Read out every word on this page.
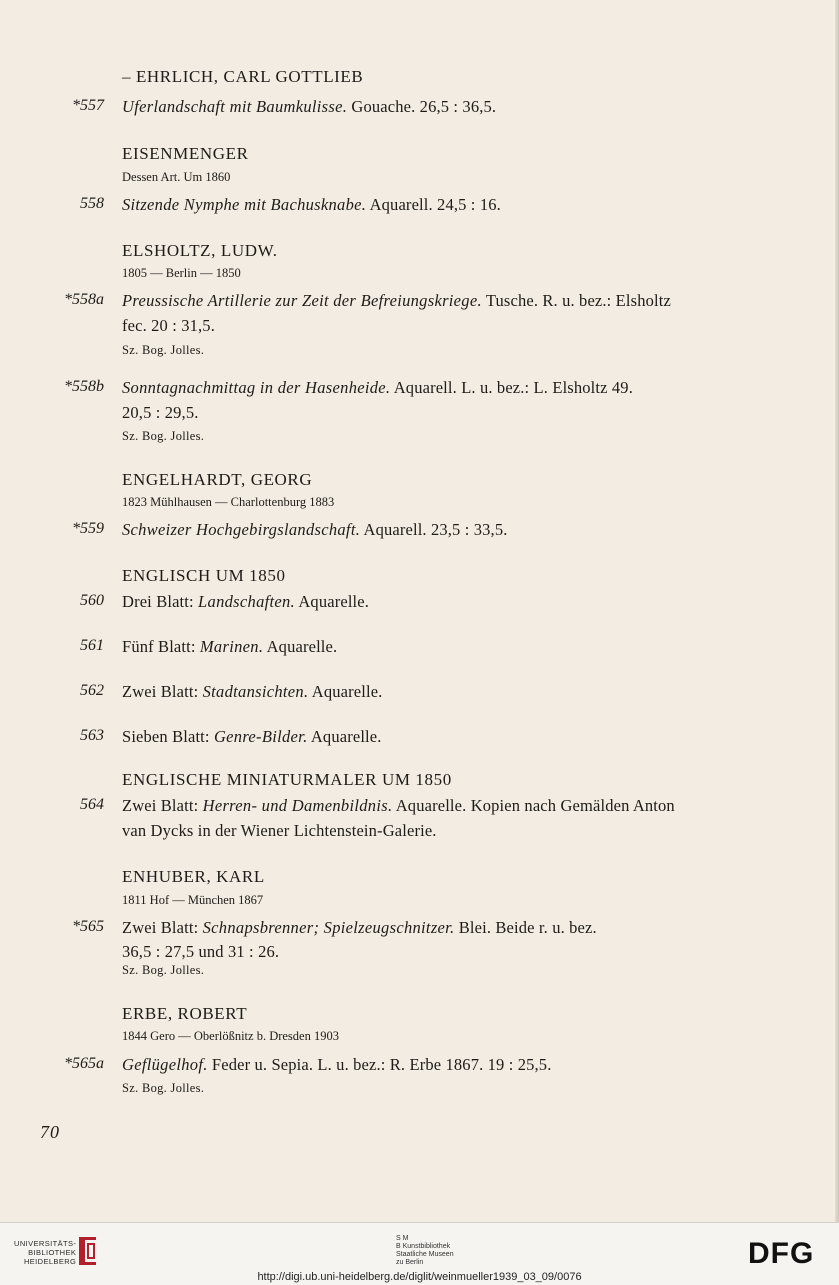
– EHRLICH, CARL GOTTLIEB
*557 Uferlandschaft mit Baumkulisse. Gouache. 26,5 : 36,5.
EISENMENGER
Dessen Art. Um 1860
558 Sitzende Nymphe mit Bachusknabe. Aquarell. 24,5 : 16.
ELSHOLTZ, LUDW.
1805 — Berlin — 1850
*558a Preussische Artillerie zur Zeit der Befreiungskriege. Tusche. R. u. bez.: Elsholtz
fec. 20 : 31,5.
Sz. Bog. Jolles.
*558b Sonntagnachmittag in der Hasenheide. Aquarell. L. u. bez.: L. Elsholtz 49.
20,5 : 29,5.
Sz. Bog. Jolles.
ENGELHARDT, GEORG
1823 Mühlhausen — Charlottenburg 1883
*559 Schweizer Hochgebirgslandschaft. Aquarell. 23,5 : 33,5.
ENGLISCH UM 1850
560 Drei Blatt: Landschaften. Aquarelle.
561 Fünf Blatt: Marinen. Aquarelle.
562 Zwei Blatt: Stadtansichten. Aquarelle.
563 Sieben Blatt: Genre-Bilder. Aquarelle.
ENGLISCHE MINIATURMALER UM 1850
564 Zwei Blatt: Herren- und Damenbildnis. Aquarelle. Kopien nach Gemälden Anton
van Dycks in der Wiener Lichtenstein-Galerie.
ENHUBER, KARL
1811 Hof — München 1867
*565 Zwei Blatt: Schnapsbrenner; Spielzeugschnitzer. Blei. Beide r. u. bez.
36,5 : 27,5 und 31 : 26.
Sz. Bog. Jolles.
ERBE, ROBERT
1844 Gero — Oberlößnitz b. Dresden 1903
*565a Geflügelhof. Feder u. Sepia. L. u. bez.: R. Erbe 1867. 19 : 25,5.
Sz. Bog. Jolles.
70
UNIVERSITÄTS-
BIBLIOTHEK
HEIDELBERG
S M
B Kunstbibliothek
Staatliche Museen
zu Berlin	DFG
http://digi.ub.uni-heidelberg.de/diglit/weinmueller1939_03_09/0076
